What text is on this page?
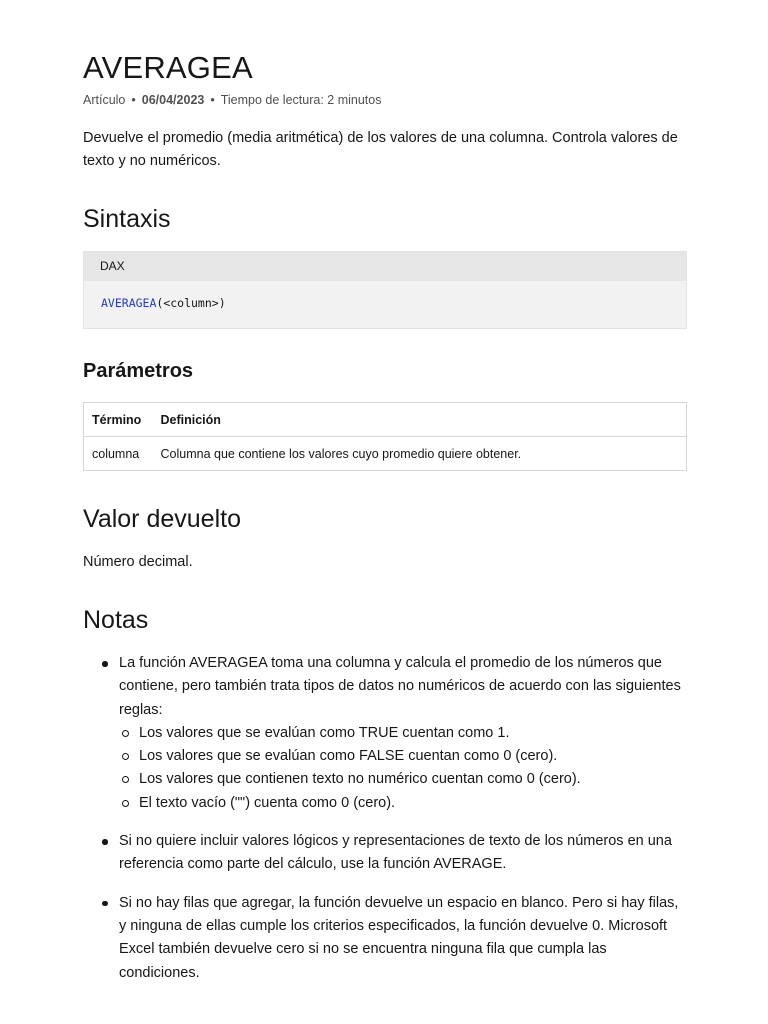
AVERAGEA
Artículo • 06/04/2023 • Tiempo de lectura: 2 minutos

Devuelve el promedio (media aritmética) de los valores de una columna. Controla valores de texto y no numéricos.

Sintaxis
DAX
AVERAGEA(<column>)
Parámetros
Término	Definición
columna	Columna que contiene los valores cuyo promedio quiere obtener.
Valor devuelto

Número decimal.

Notas
La función AVERAGEA toma una columna y calcula el promedio de los números que contiene, pero también trata tipos de datos no numéricos de acuerdo con las siguientes reglas:
Los valores que se evalúan como TRUE cuentan como 1.
Los valores que se evalúan como FALSE cuentan como 0 (cero).
Los valores que contienen texto no numérico cuentan como 0 (cero).
El texto vacío ("") cuenta como 0 (cero).
Si no quiere incluir valores lógicos y representaciones de texto de los números en una referencia como parte del cálculo, use la función AVERAGE.
Si no hay filas que agregar, la función devuelve un espacio en blanco. Pero si hay filas, y ninguna de ellas cumple los criterios especificados, la función devuelve 0. Microsoft Excel también devuelve cero si no se encuentra ninguna fila que cumpla las condiciones.
